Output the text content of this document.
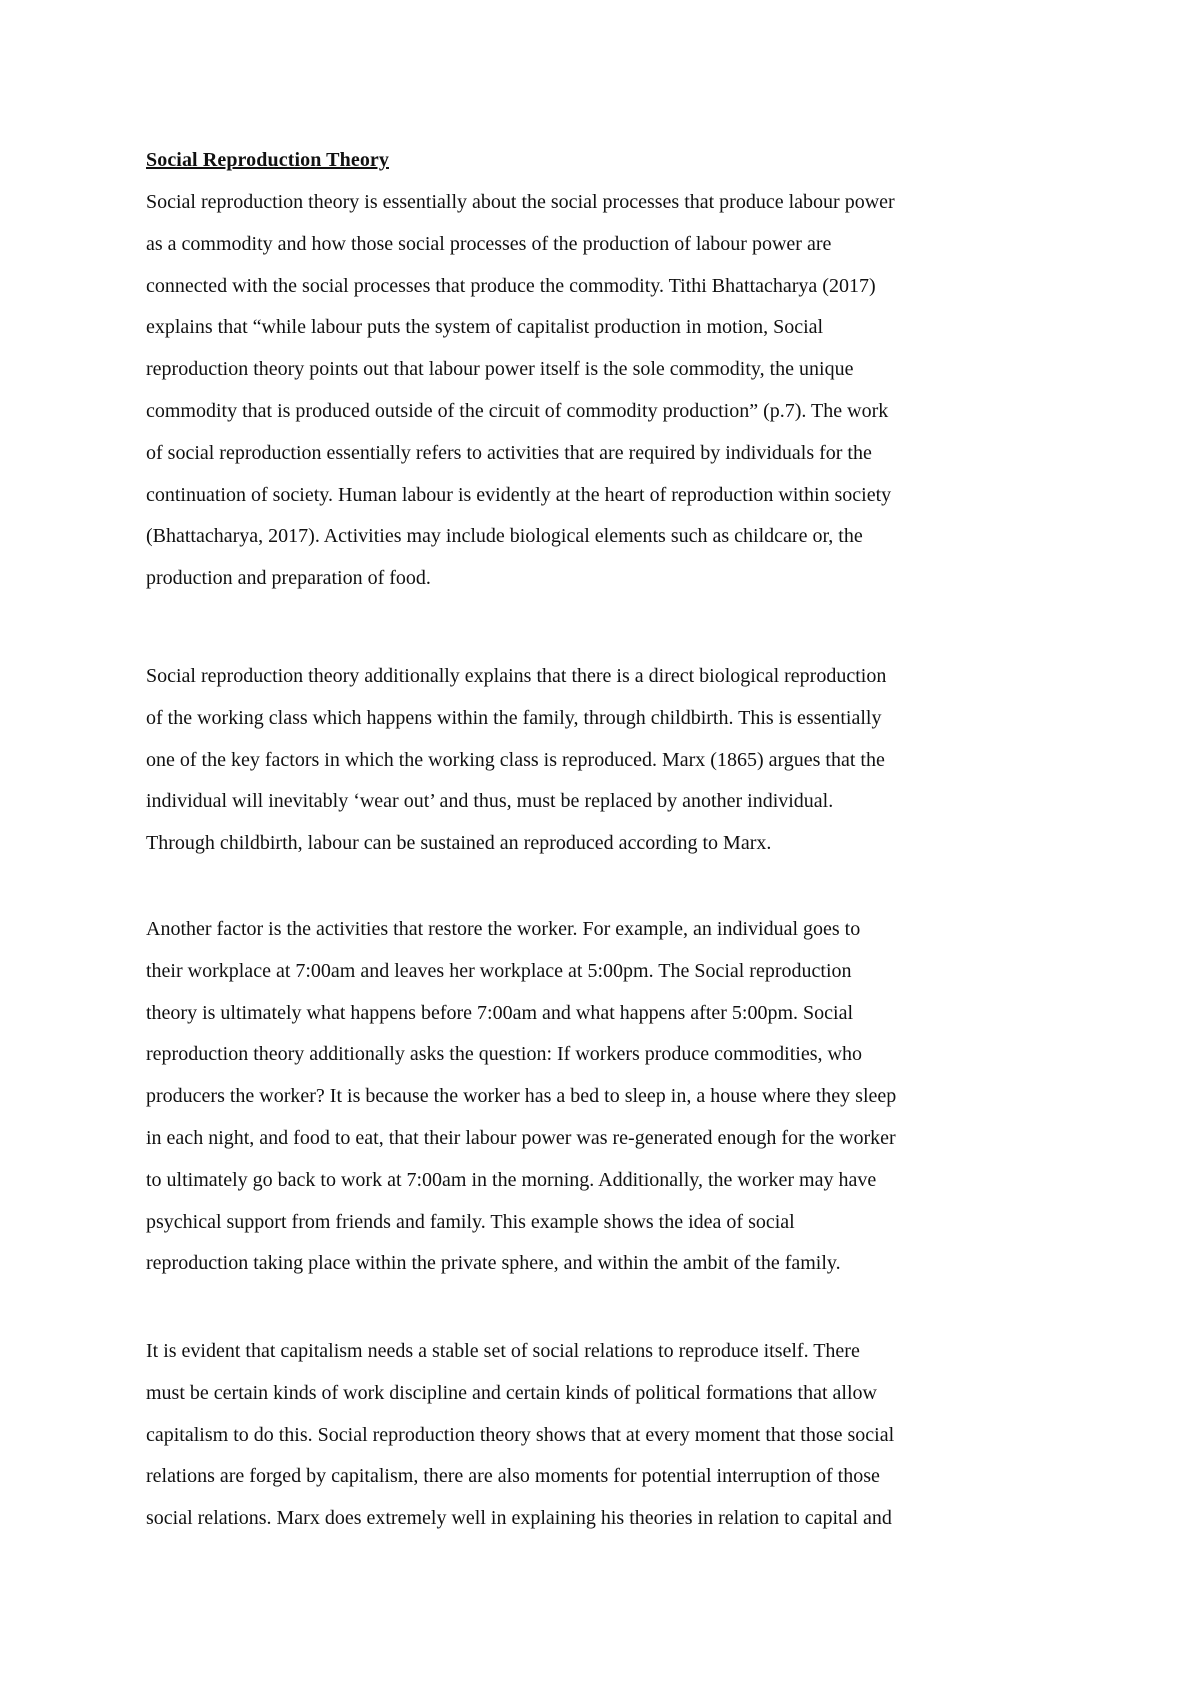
Social Reproduction Theory
Social reproduction theory is essentially about the social processes that produce labour power
as a commodity and how those social processes of the production of labour power are
connected with the social processes that produce the commodity. Tithi Bhattacharya (2017)
explains that “while labour puts the system of capitalist production in motion, Social
reproduction theory points out that labour power itself is the sole commodity, the unique
commodity that is produced outside of the circuit of commodity production” (p.7). The work
of social reproduction essentially refers to activities that are required by individuals for the
continuation of society. Human labour is evidently at the heart of reproduction within society
(Bhattacharya, 2017). Activities may include biological elements such as childcare or, the
production and preparation of food.
Social reproduction theory additionally explains that there is a direct biological reproduction
of the working class which happens within the family, through childbirth. This is essentially
one of the key factors in which the working class is reproduced. Marx (1865) argues that the
individual will inevitably ‘wear out’ and thus, must be replaced by another individual.
Through childbirth, labour can be sustained an reproduced according to Marx.
Another factor is the activities that restore the worker. For example, an individual goes to
their workplace at 7:00am and leaves her workplace at 5:00pm. The Social reproduction
theory is ultimately what happens before 7:00am and what happens after 5:00pm. Social
reproduction theory additionally asks the question: If workers produce commodities, who
producers the worker? It is because the worker has a bed to sleep in, a house where they sleep
in each night, and food to eat, that their labour power was re-generated enough for the worker
to ultimately go back to work at 7:00am in the morning. Additionally, the worker may have
psychical support from friends and family. This example shows the idea of social
reproduction taking place within the private sphere, and within the ambit of the family.
It is evident that capitalism needs a stable set of social relations to reproduce itself. There
must be certain kinds of work discipline and certain kinds of political formations that allow
capitalism to do this. Social reproduction theory shows that at every moment that those social
relations are forged by capitalism, there are also moments for potential interruption of those
social relations. Marx does extremely well in explaining his theories in relation to capital and
